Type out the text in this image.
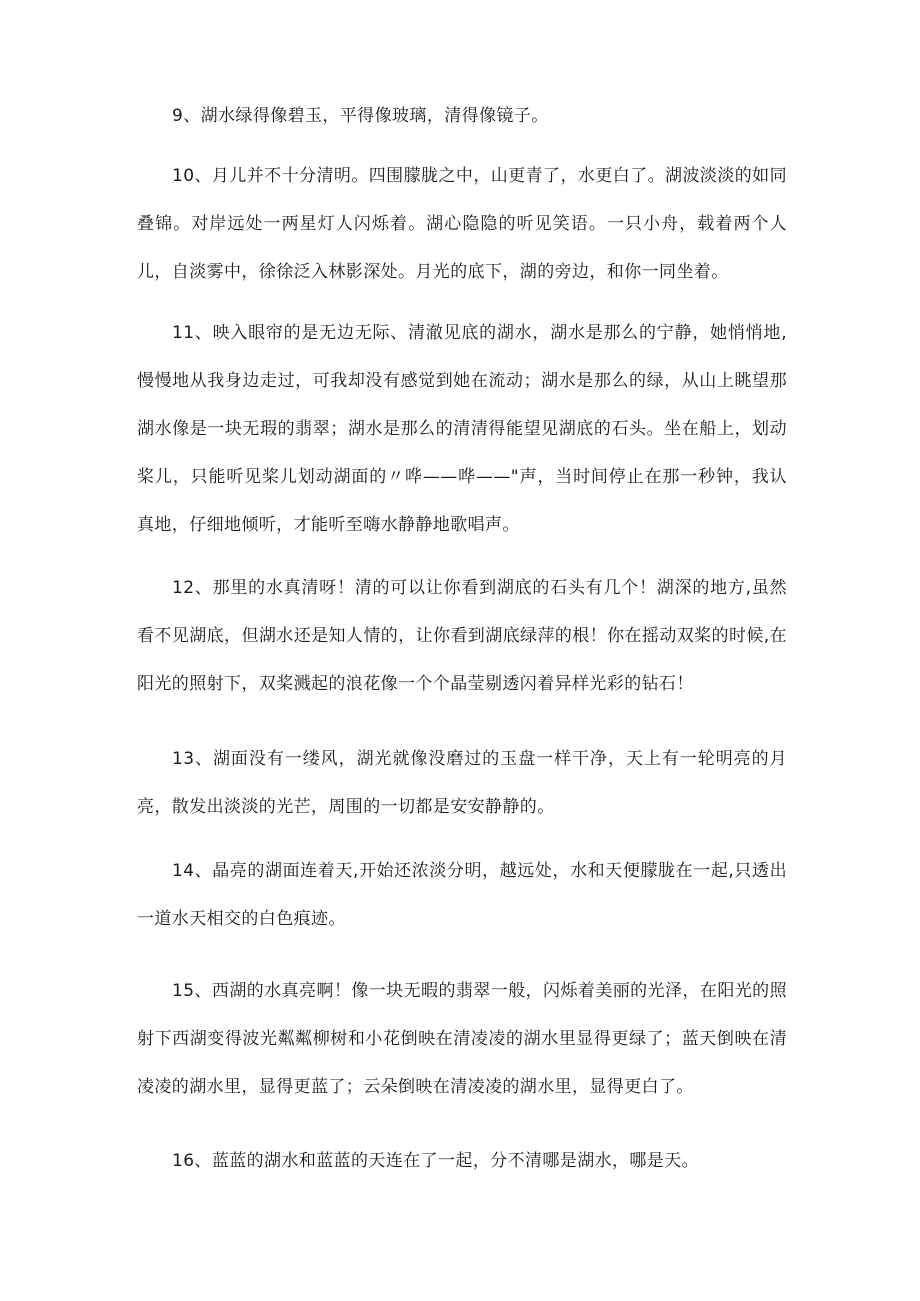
9、湖水绿得像碧玉，平得像玻璃，清得像镜子。

10、月儿并不十分清明。四围朦胧之中，山更青了，水更白了。湖波淡淡的如同叠锦。对岸远处一两星灯人闪烁着。湖心隐隐的听见笑语。一只小舟，载着两个人儿，自淡雾中，徐徐泛入林影深处。月光的底下，湖的旁边，和你一同坐着。

11、映入眼帘的是无边无际、清澈见底的湖水，湖水是那么的宁静，她悄悄地,慢慢地从我身边走过，可我却没有感觉到她在流动；湖水是那么的绿，从山上眺望那湖水像是一块无瑕的翡翠；湖水是那么的清清得能望见湖底的石头。坐在船上，划动桨儿，只能听见桨儿划动湖面的〃哗——哗——"声，当时间停止在那一秒钟，我认真地，仔细地倾听，才能听至嗨水静静地歌唱声。

12、那里的水真清呀！清的可以让你看到湖底的石头有几个！湖深的地方,虽然看不见湖底，但湖水还是知人情的，让你看到湖底绿萍的根！你在摇动双桨的时候,在阳光的照射下，双桨溅起的浪花像一个个晶莹剔透闪着异样光彩的钻石！

13、湖面没有一缕风，湖光就像没磨过的玉盘一样干净，天上有一轮明亮的月亮，散发出淡淡的光芒，周围的一切都是安安静静的。

14、晶亮的湖面连着天,开始还浓淡分明，越远处，水和天便朦胧在一起,只透出一道水天相交的白色痕迹。

15、西湖的水真亮啊！像一块无暇的翡翠一般，闪烁着美丽的光泽，在阳光的照射下西湖变得波光粼粼柳树和小花倒映在清凌凌的湖水里显得更绿了；蓝天倒映在清凌凌的湖水里，显得更蓝了；云朵倒映在清凌凌的湖水里，显得更白了。

16、蓝蓝的湖水和蓝蓝的天连在了一起，分不清哪是湖水，哪是天。
